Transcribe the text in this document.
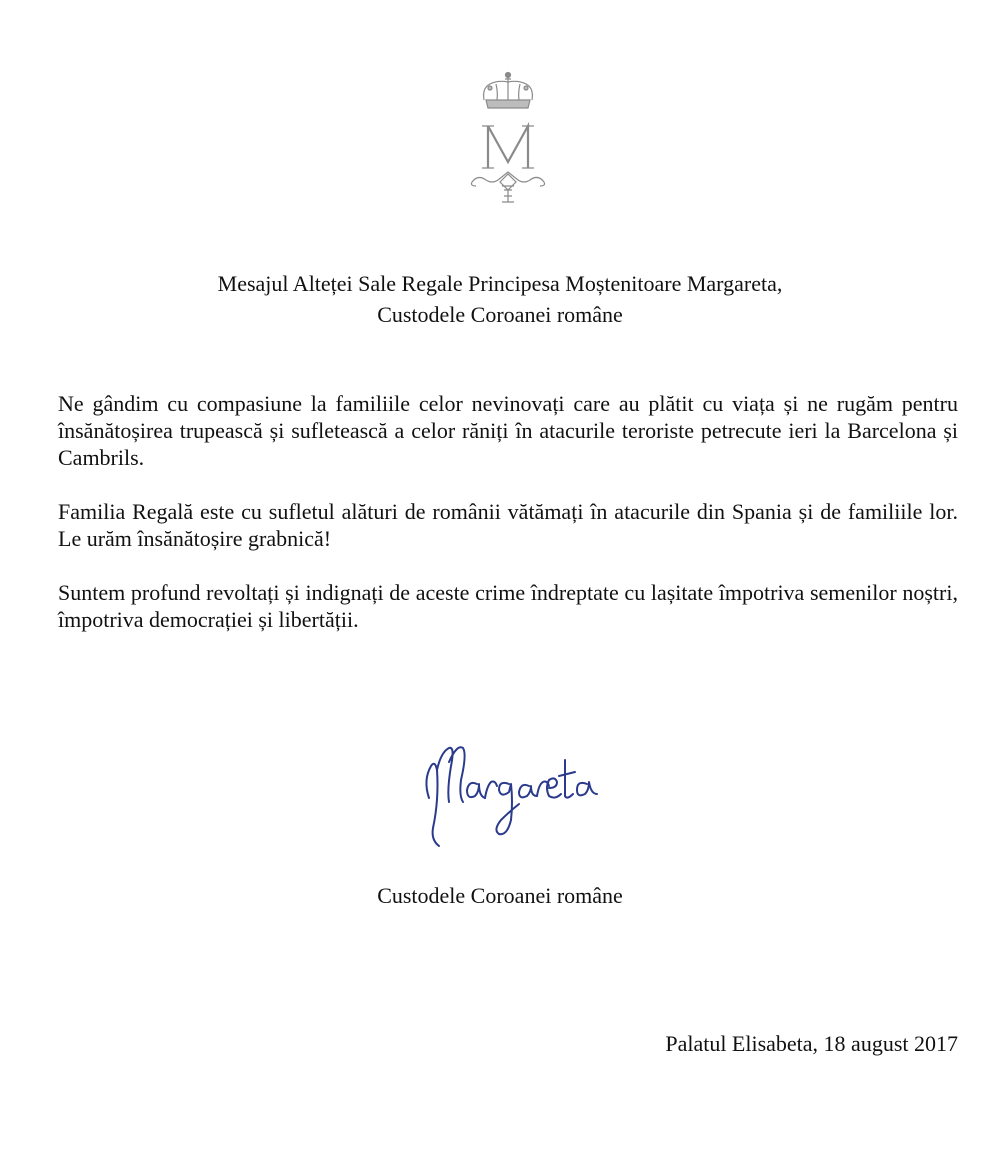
Mesajul Alteței Sale Regale Principesa Moștenitoare Margareta,
Custodele Coroanei române

Ne gândim cu compasiune la familiile celor nevinovați care au plătit cu viața și ne rugăm pentru însănătoșirea trupească și sufletească a celor răniți în atacurile teroriste petrecute ieri la Barcelona și Cambrils.

Familia Regală este cu sufletul alături de românii vătămați în atacurile din Spania și de familiile lor. Le urăm însănătoșire grabnică!

Suntem profund revoltați și indignați de aceste crime îndreptate cu lașitate împotriva semenilor noștri, împotriva democrației și libertății.

Custodele Coroanei române
Palatul Elisabeta, 18 august 2017
